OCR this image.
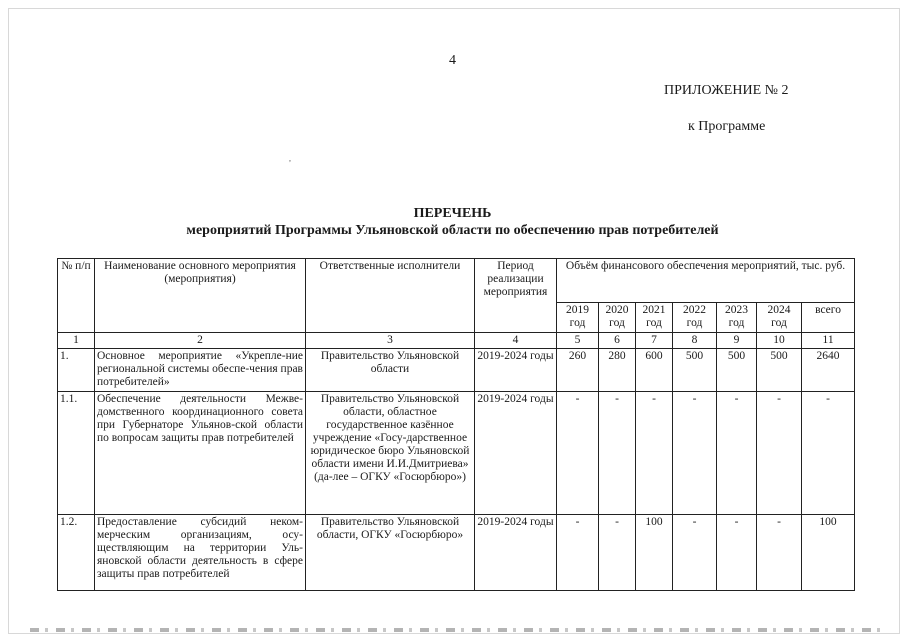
4
ПРИЛОЖЕНИЕ № 2
к Программе
,
ПЕРЕЧЕНЬ
мероприятий Программы Ульяновской области по обеспечению прав потребителей
№ п/п	Наименование основного мероприятия (мероприятия)	Ответственные исполнители	Период реализации мероприятия	Объём финансового обеспечения мероприятий, тыс. руб.						
				2019 год	2020 год	2021 год	2022 год	2023 год	2024 год	всего
1	2	3	4	5	6	7	8	9	10	11
1.	Основное мероприятие «Укрепле-ние региональной системы обеспе-чения прав потребителей»	Правительство Ульяновской области	2019-2024 годы	260	280	600	500	500	500	2640
1.1.	Обеспечение деятельности Межве-домственного координационного совета при Губернаторе Ульянов-ской области по вопросам защиты прав потребителей	Правительство Ульяновской области, областное государственное казённое учреждение «Госу-дарственное юридическое бюро Ульяновской области имени И.И.Дмитриева» (да-лее – ОГКУ «Госюрбюро»)	2019-2024 годы	-	-	-	-	-	-	-
1.2.	Предоставление субсидий неком-мерческим организациям, осу-ществляющим на территории Уль-яновской области деятельность в сфере защиты прав потребителей	Правительство Ульяновской области, ОГКУ «Госюрбюро»	2019-2024 годы	-	-	100	-	-	-	100
